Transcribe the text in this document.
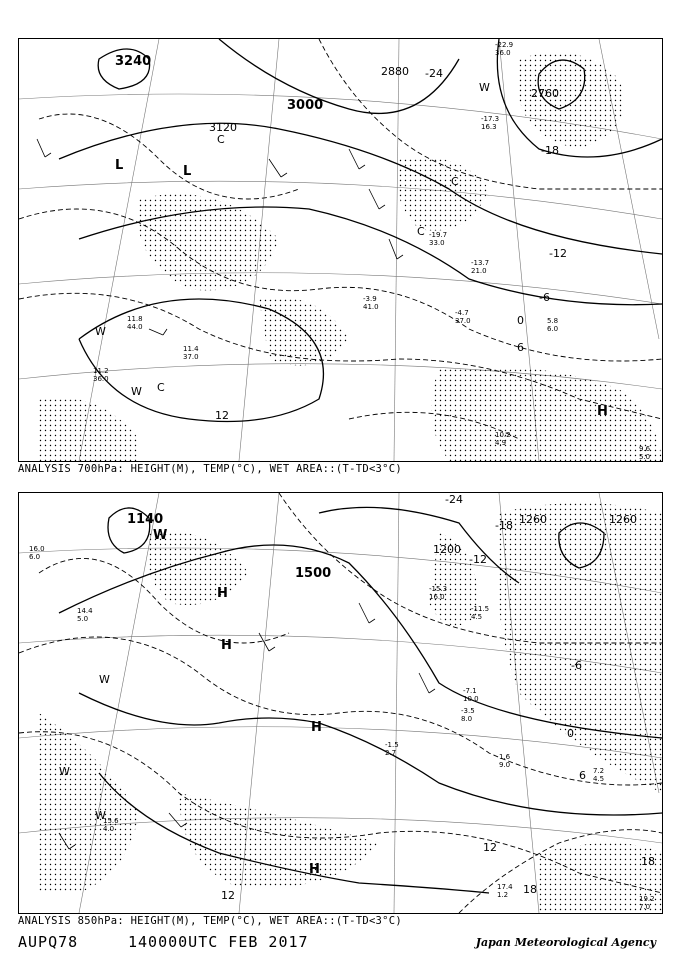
3240
3120
3000
2880
2760
-24
-18
-12
-6
0
6
12
L	L
C
C
C
C
W
W
W
H
-17.3
16.3
-19.7
33.0
-13.7
21.0
-4.7
37.0	5.8
6.0
10.2
4.9
9.6
5.0
11.4
37.0
11.8
44.0
-3.9
41.0
-22.9
36.0
11.2
36.0
ANALYSIS 700hPa: HEIGHT(M), TEMP(°C), WET AREA::(T-TD<3°C)
1140
1500
1200
1260	1260
-24
-18
-12
-6
0
6
12
18
12	18
W
W
W
W
H
H
H
H
-15.3
16.0
-11.5
4.5
-7.1
10.0
-3.5
8.0
-1.5
2.7	1.6
9.0
7.2
4.5
17.4
1.2	19.2
7.0
14.4
5.0
15.6
4.0
16.0
6.0
ANALYSIS 850hPa: HEIGHT(M), TEMP(°C), WET AREA::(T-TD<3°C)
AUPQ78	140000UTC FEB 2017	Japan Meteorological Agency
